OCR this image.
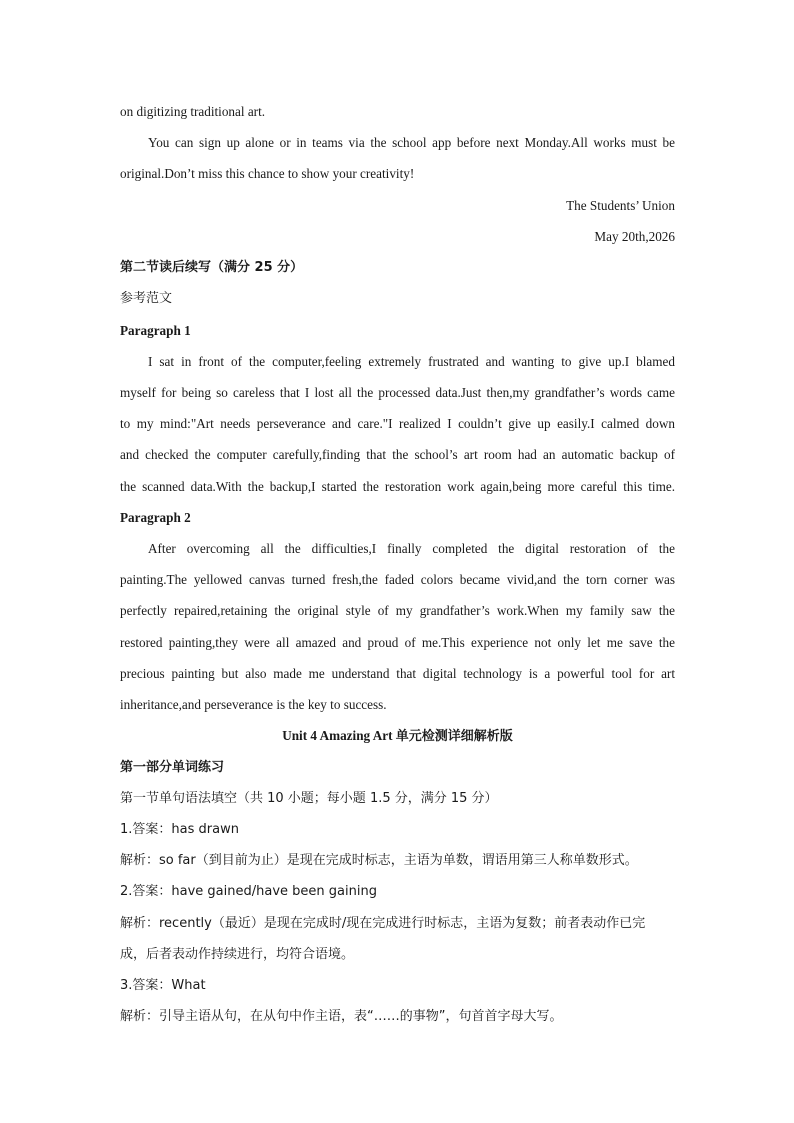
on digitizing traditional art.
You can sign up alone or in teams via the school app before next Monday.All works must be
original.Don’t miss this chance to show your creativity!
The Students’ Union
May 20th,2026
第二节读后续写（满分 25 分）
参考范文
Paragraph 1
I sat in front of the computer,feeling extremely frustrated and wanting to give up.I blamed
myself for being so careless that I lost all the processed data.Just then,my grandfather’s words came
to my mind:"Art needs perseverance and care."I realized I couldn’t give up easily.I calmed down
and checked the computer carefully,finding that the school’s art room had an automatic backup of
the scanned data.With the backup,I started the restoration work again,being more careful this time.
Paragraph 2
After overcoming all the difficulties,I finally completed the digital restoration of the
painting.The yellowed canvas turned fresh,the faded colors became vivid,and the torn corner was
perfectly repaired,retaining the original style of my grandfather’s work.When my family saw the
restored painting,they were all amazed and proud of me.This experience not only let me save the
precious painting but also made me understand that digital technology is a powerful tool for art
inheritance,and perseverance is the key to success.
Unit 4 Amazing Art 单元检测详细解析版
第一部分单词练习
第一节单句语法填空（共 10 小题；每小题 1.5 分，满分 15 分）
1.答案：has drawn
解析：so far（到目前为止）是现在完成时标志，主语为单数，谓语用第三人称单数形式。
2.答案：have gained/have been gaining
解析：recently（最近）是现在完成时/现在完成进行时标志，主语为复数；前者表动作已完
成，后者表动作持续进行，均符合语境。
3.答案：What
解析：引导主语从句，在从句中作主语，表“……的事物”，句首首字母大写。
